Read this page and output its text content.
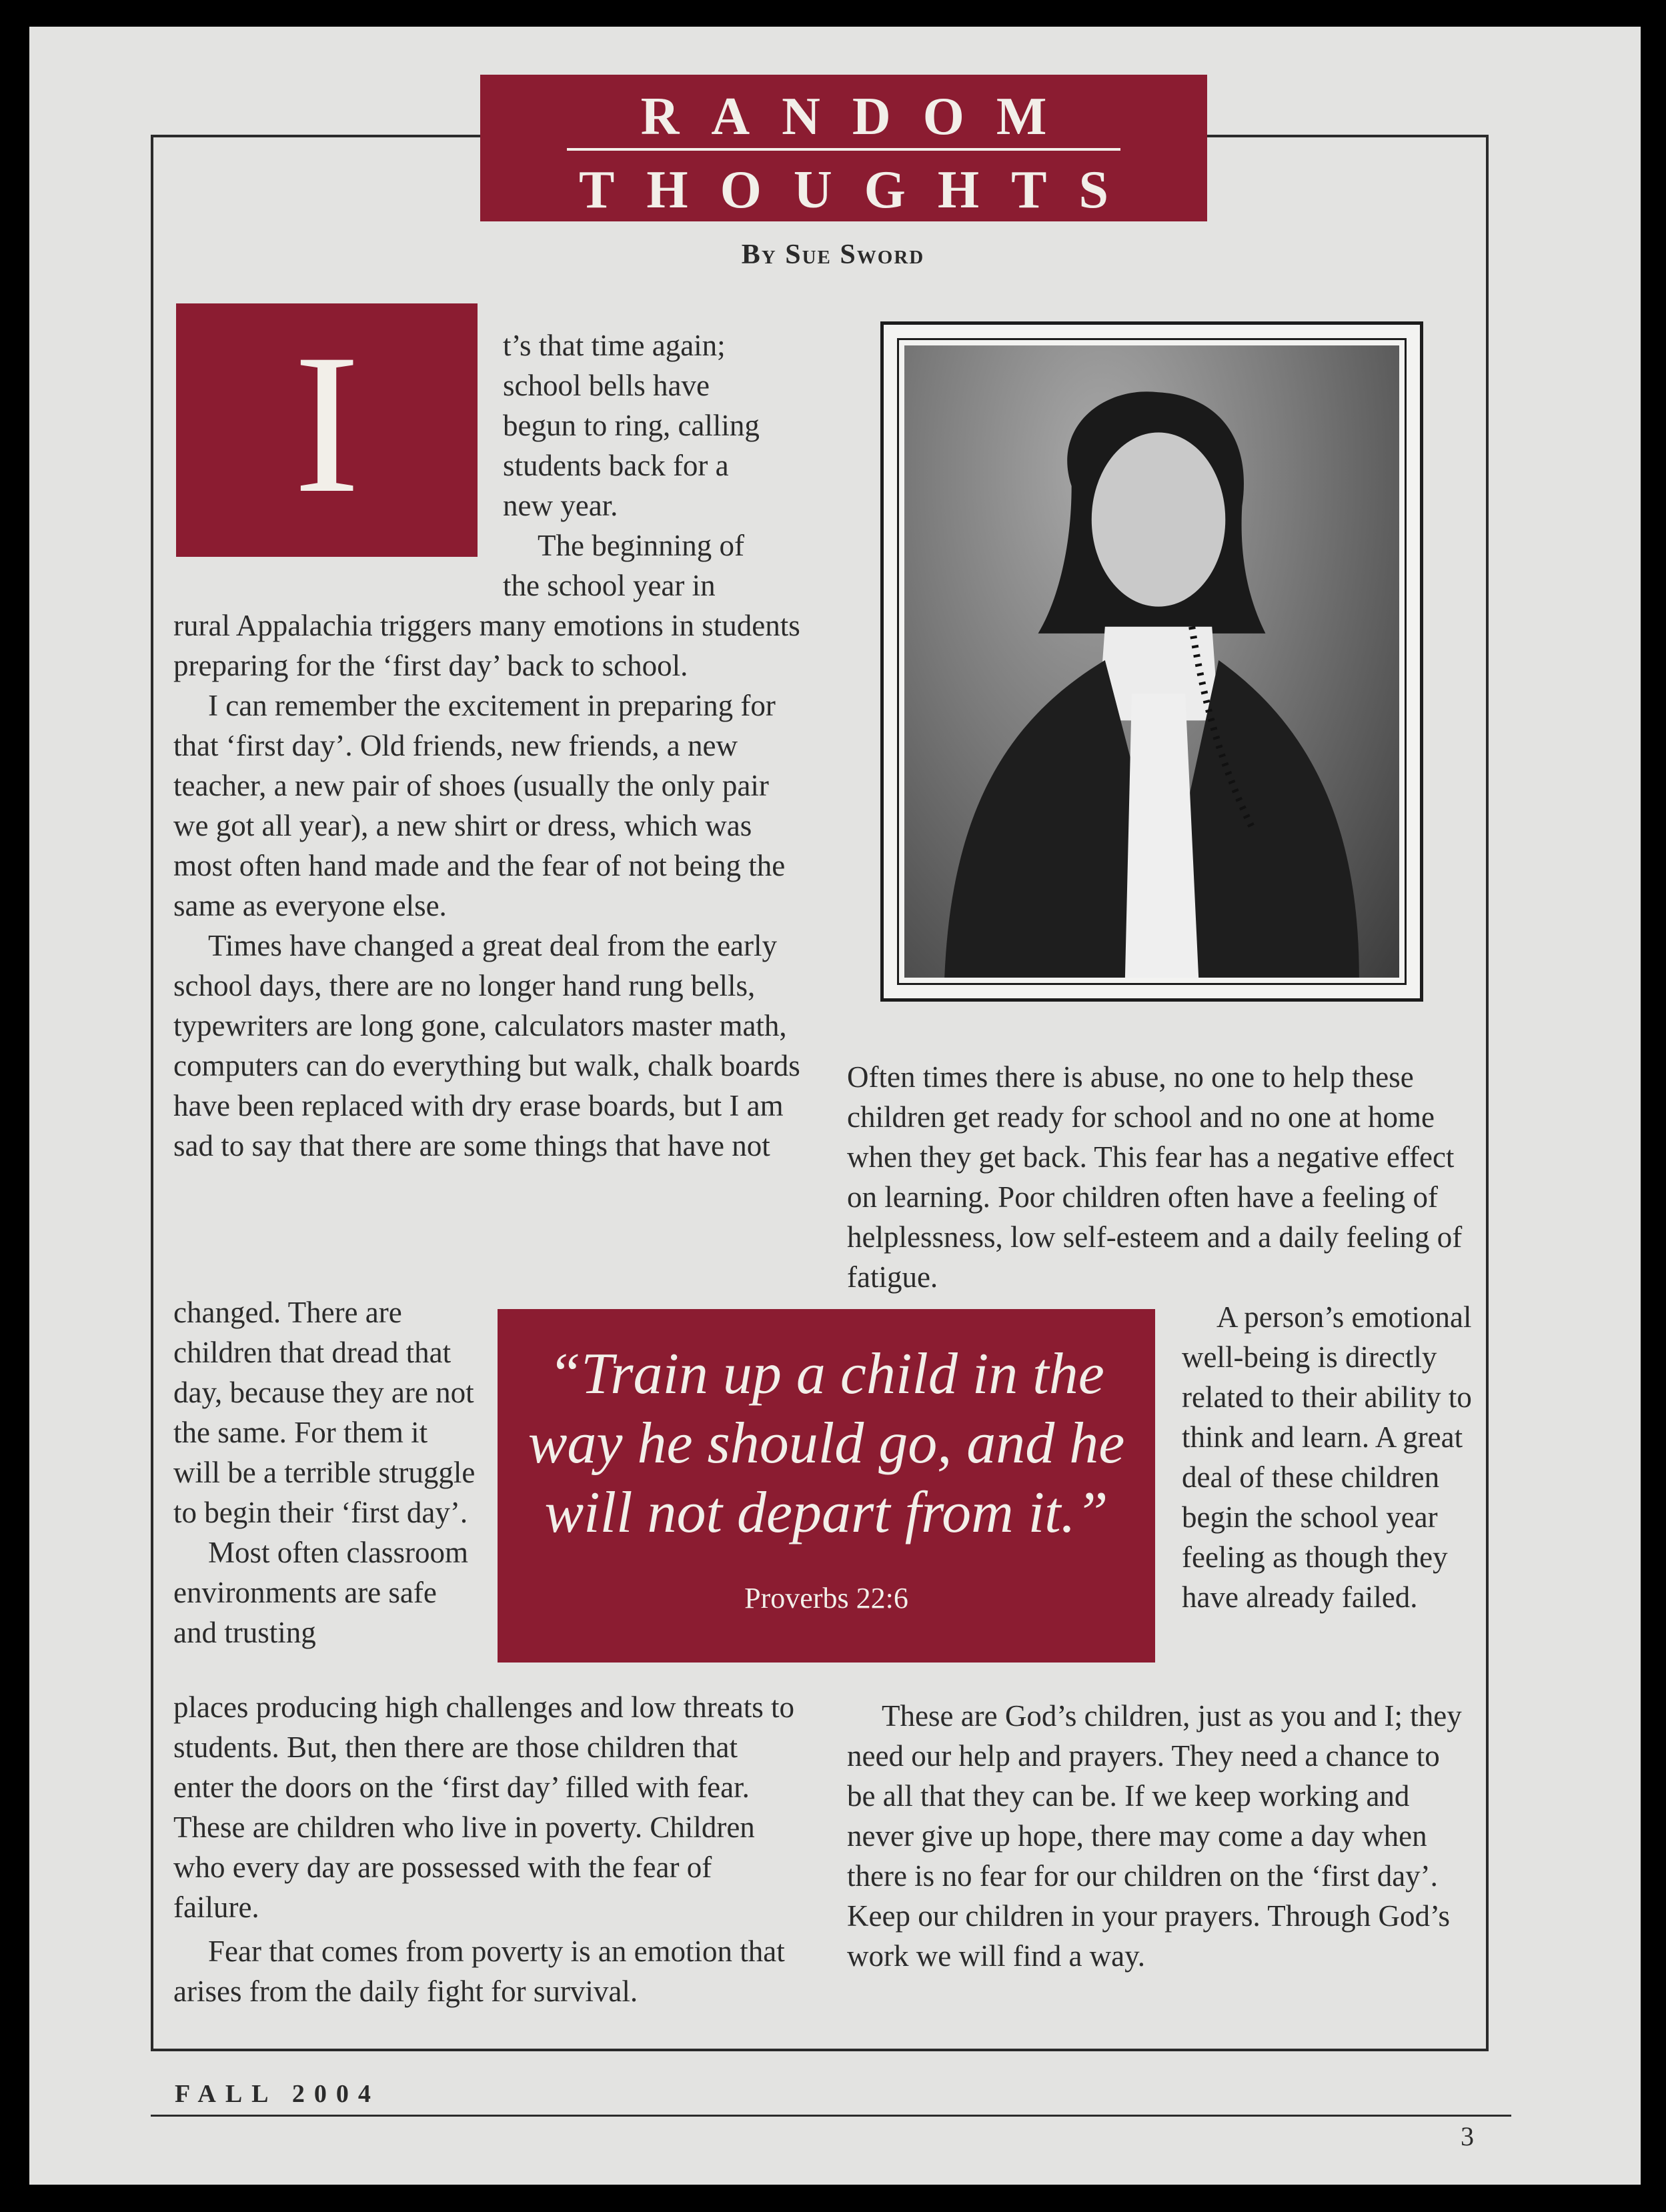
RANDOM
THOUGHTS
By Sue Sword
I	t’s that time again;
school bells have
begun to ring, calling
students back for a
new year.
The beginning of
the school year in

rural Appalachia triggers many emotions in students preparing for the ‘first day’ back to school.

I can remember the excitement in preparing for that ‘first day’. Old friends, new friends, a new teacher, a new pair of shoes (usually the only pair we got all year), a new shirt or dress, which was most often hand made and the fear of not being the same as everyone else.

Times have changed a great deal from the early school days, there are no longer hand rung bells, typewriters are long gone, calculators master math, computers can do everything but walk, chalk boards have been replaced with dry erase boards, but I am sad to say that there are some things that have not

changed. There are children that dread that day, because they are not the same. For them it will be a terrible struggle to begin their ‘first day’.

Most often classroom environments are safe and trusting

places producing high challenges and low threats to students. But, then there are those children that enter the doors on the ‘first day’ filled with fear. These are children who live in poverty. Children who every day are possessed with the fear of failure.

Fear that comes from poverty is an emotion that arises from the daily fight for survival.

Often times there is abuse, no one to help these children get ready for school and no one at home when they get back. This fear has a negative effect on learning. Poor children often have a feeling of helplessness, low self-esteem and a daily feeling of fatigue.

“Train up a child in the way he should go, and he will not depart from it.”
Proverbs 22:6

A person’s emotional well-being is directly related to their ability to think and learn. A great deal of these children begin the school year feeling as though they have already failed.

These are God’s children, just as you and I; they need our help and prayers. They need a chance to be all that they can be. If we keep working and never give up hope, there may come a day when there is no fear for our children on the ‘first day’. Keep our children in your prayers. Through God’s work we will find a way.

FALL 2004
3
